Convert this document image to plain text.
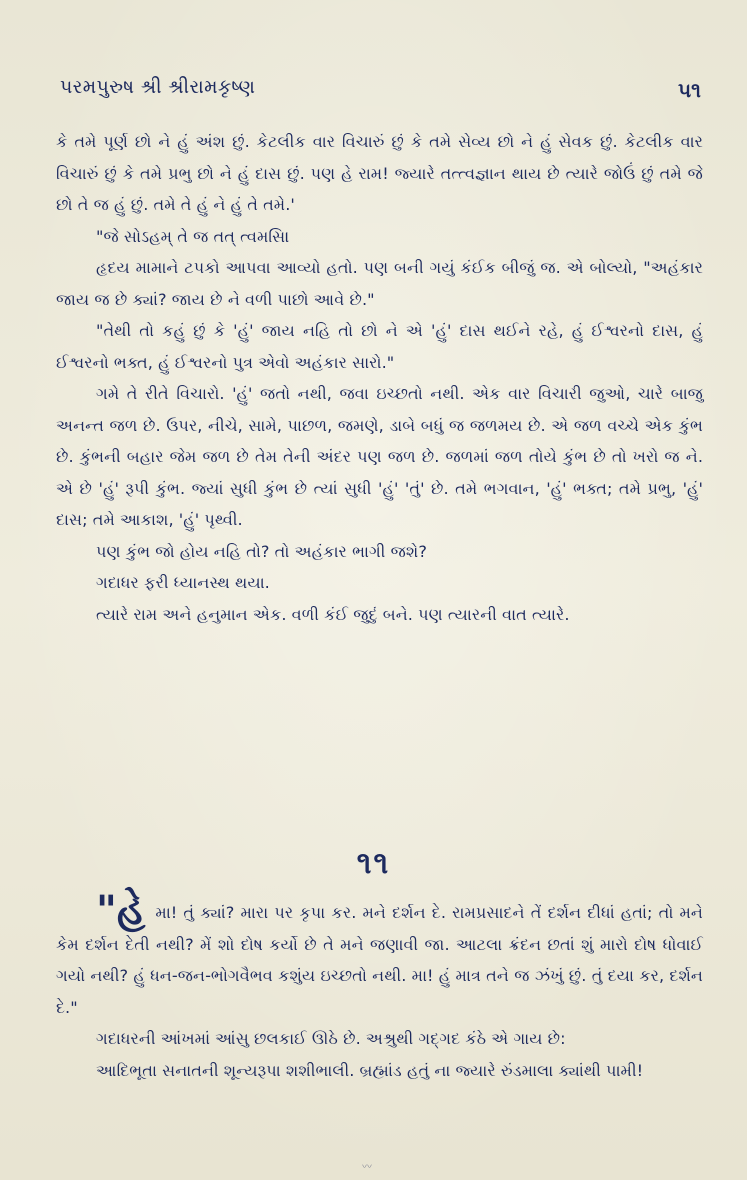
પરમપુરુષ શ્રી શ્રીરામકૃષ્ણ	૫૧

કે તમે પૂર્ણ છો ને હું અંશ છું. કેટલીક વાર વિચારું છું કે તમે સેવ્ય છો ને હું સેવક છું. કેટલીક વાર વિચારું છું કે તમે પ્રભુ છો ને હું દાસ છું. પણ હે રામ! જ્યારે તત્ત્વજ્ઞાન થાય છે ત્યારે જોઉં છું તમે જે છો તે જ હું છું. તમે તે હું ને હું તે તમે.'

"જે સોઽહમ્ તે જ તત્ ત્વમસિ।

હૃદય મામાને ટપકો આપવા આવ્યો હતો. પણ બની ગયું કંઈક બીજું જ. એ બોલ્યો, "અહંકાર જાય જ છે ક્યાં? જાય છે ને વળી પાછો આવે છે."

"તેથી તો કહું છું કે 'હું' જાય નહિ તો છો ને એ 'હું' દાસ થઈને રહે, હું ઈશ્વરનો દાસ, હું ઈશ્વરનો ભક્ત, હું ઈશ્વરનો પુત્ર એવો અહંકાર સારો."

ગમે તે રીતે વિચારો. 'હું' જતો નથી, જવા ઇચ્છતો નથી. એક વાર વિચારી જુઓ, ચારે બાજુ અનન્ત જળ છે. ઉપર, નીચે, સામે, પાછળ, જમણે, ડાબે બધું જ જળમય છે. એ જળ વચ્ચે એક કુંભ છે. કુંભની બહાર જેમ જળ છે તેમ તેની અંદર પણ જળ છે. જળમાં જળ તોયે કુંભ છે તો ખરો જ ને. એ છે 'હું' રૂપી કુંભ. જ્યાં સુધી કુંભ છે ત્યાં સુધી 'હું' 'તું' છે. તમે ભગવાન, 'હું' ભક્ત; તમે પ્રભુ, 'હું' દાસ; તમે આકાશ, 'હું' પૃથ્વી.

પણ કુંભ જો હોય નહિ તો? તો અહંકાર ભાગી જશે?

ગદાધર ફરી ધ્યાનસ્થ થયા.

ત્યારે રામ અને હનુમાન એક. વળી કંઈ જુદું બને. પણ ત્યારની વાત ત્યારે.

૧૧

"હે મા! તું ક્યાં? મારા પર કૃપા કર. મને દર્શન દે. રામપ્રસાદને તેં દર્શન દીધાં હતાં; તો મને કેમ દર્શન દેતી નથી? મેં શો દોષ કર્યો છે તે મને જણાવી જા. આટલા ક્રંદન છતાં શું મારો દોષ ધોવાઈ ગયો નથી? હું ધન-જન-ભોગવૈભવ કશુંય ઇચ્છતો નથી. મા! હું માત્ર તને જ ઝંખું છું. તું દયા કર, દર્શન દે."

ગદાધરની આંખમાં આંસુ છલકાઈ ઊઠે છે. અશ્રુથી ગદ્ગદ કંઠે એ ગાય છે:

આદિભૂતા સનાતની શૂન્યરૂપા શશીભાલી. બ્રહ્માંડ હતું ના જ્યારે રુંડમાલા ક્યાંથી પામી!

〰
